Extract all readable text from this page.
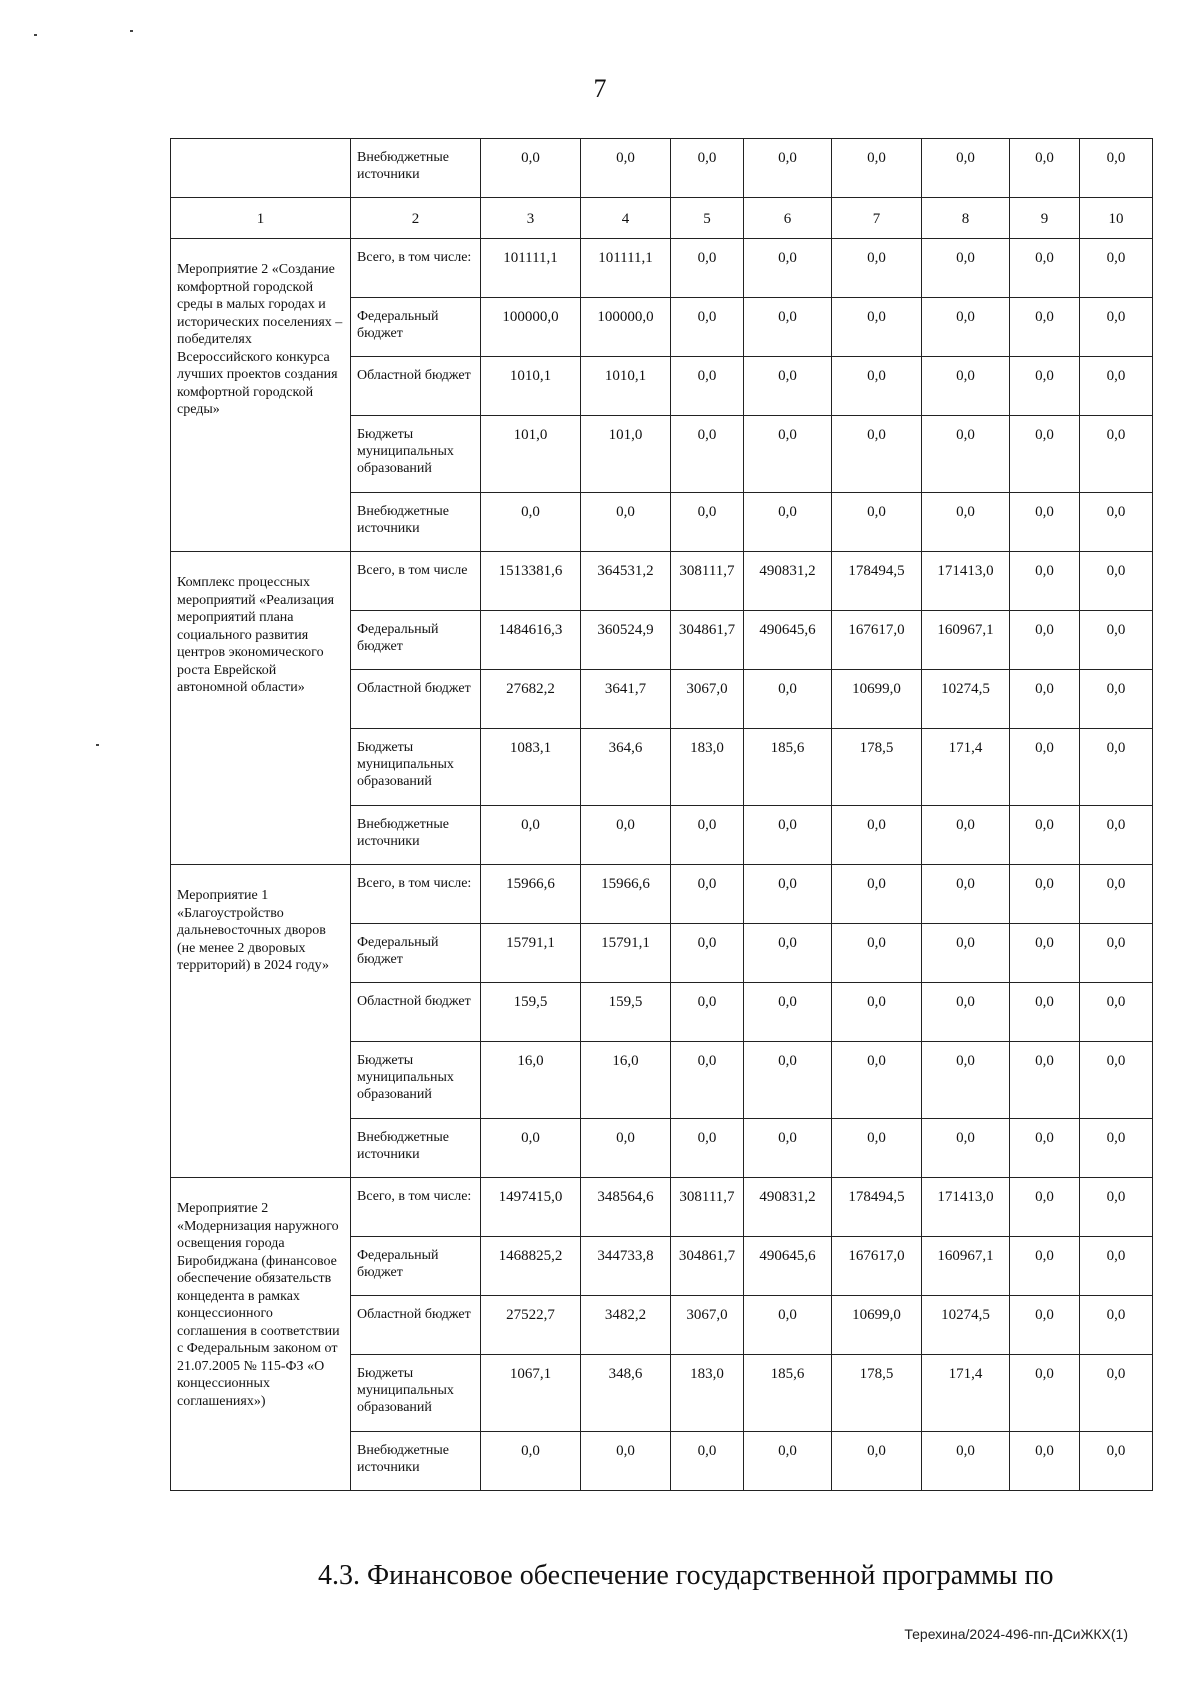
7
	Внебюджетные источники	0,0	0,0	0,0	0,0	0,0	0,0	0,0	0,0
1	2	3	4	5	6	7	8	9	10
Мероприятие 2 «Создание комфортной городской среды в малых городах и исторических поселениях – победителях Всероссийского конкурса лучших проектов создания комфортной городской среды»	Всего, в том числе:	101111,1	101111,1	0,0	0,0	0,0	0,0	0,0	0,0
	Федеральный бюджет	100000,0	100000,0	0,0	0,0	0,0	0,0	0,0	0,0
	Областной бюджет	1010,1	1010,1	0,0	0,0	0,0	0,0	0,0	0,0
	Бюджеты муниципальных образований	101,0	101,0	0,0	0,0	0,0	0,0	0,0	0,0
	Внебюджетные источники	0,0	0,0	0,0	0,0	0,0	0,0	0,0	0,0
Комплекс процессных мероприятий «Реализация мероприятий плана социального развития центров экономического роста Еврейской автономной области»	Всего, в том числе	1513381,6	364531,2	308111,7	490831,2	178494,5	171413,0	0,0	0,0
	Федеральный бюджет	1484616,3	360524,9	304861,7	490645,6	167617,0	160967,1	0,0	0,0
	Областной бюджет	27682,2	3641,7	3067,0	0,0	10699,0	10274,5	0,0	0,0
	Бюджеты муниципальных образований	1083,1	364,6	183,0	185,6	178,5	171,4	0,0	0,0
	Внебюджетные источники	0,0	0,0	0,0	0,0	0,0	0,0	0,0	0,0
Мероприятие 1 «Благоустройство дальневосточных дворов (не менее 2 дворовых территорий) в 2024 году»	Всего, в том числе:	15966,6	15966,6	0,0	0,0	0,0	0,0	0,0	0,0
	Федеральный бюджет	15791,1	15791,1	0,0	0,0	0,0	0,0	0,0	0,0
	Областной бюджет	159,5	159,5	0,0	0,0	0,0	0,0	0,0	0,0
	Бюджеты муниципальных образований	16,0	16,0	0,0	0,0	0,0	0,0	0,0	0,0
	Внебюджетные источники	0,0	0,0	0,0	0,0	0,0	0,0	0,0	0,0
Мероприятие 2 «Модернизация наружного освещения города Биробиджана (финансовое обеспечение обязательств концедента в рамках концессионного соглашения в соответствии с Федеральным законом от 21.07.2005 № 115-ФЗ «О концессионных соглашениях»)	Всего, в том числе:	1497415,0	348564,6	308111,7	490831,2	178494,5	171413,0	0,0	0,0
	Федеральный бюджет	1468825,2	344733,8	304861,7	490645,6	167617,0	160967,1	0,0	0,0
	Областной бюджет	27522,7	3482,2	3067,0	0,0	10699,0	10274,5	0,0	0,0
	Бюджеты муниципальных образований	1067,1	348,6	183,0	185,6	178,5	171,4	0,0	0,0
	Внебюджетные источники	0,0	0,0	0,0	0,0	0,0	0,0	0,0	0,0
4.3. Финансовое обеспечение государственной программы по
Терехина/2024-496-пп-ДСиЖКХ(1)
